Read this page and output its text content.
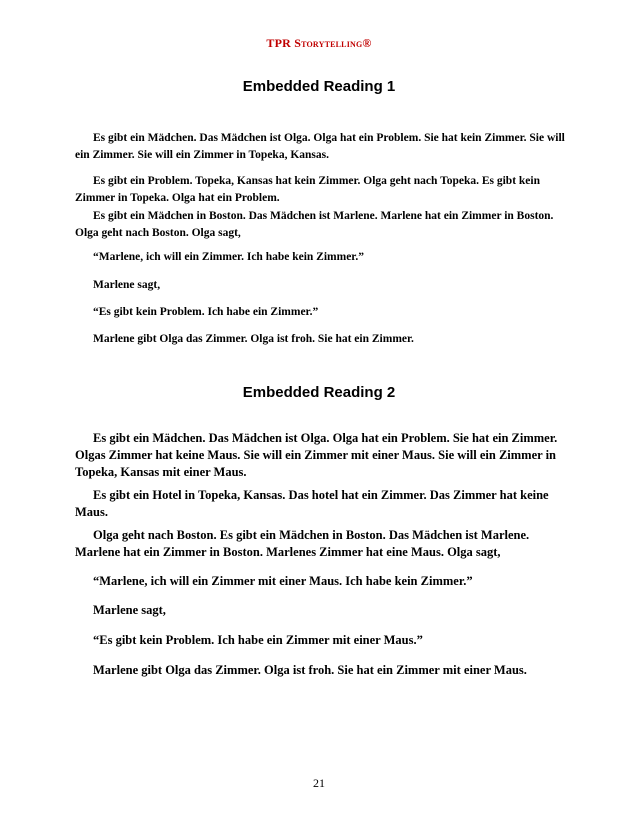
TPR Storytelling®
Embedded Reading 1
Es gibt ein Mädchen. Das Mädchen ist Olga. Olga hat ein Problem. Sie hat kein Zimmer. Sie will ein Zimmer. Sie will ein Zimmer in Topeka, Kansas.
Es gibt ein Problem. Topeka, Kansas hat kein Zimmer. Olga geht nach Topeka. Es gibt kein Zimmer in Topeka. Olga hat ein Problem.
Es gibt ein Mädchen in Boston. Das Mädchen ist Marlene. Marlene hat ein Zimmer in Boston. Olga geht nach Boston. Olga sagt,
“Marlene, ich will ein Zimmer. Ich habe kein Zimmer.”
Marlene sagt,
“Es gibt kein Problem. Ich habe ein Zimmer.”
Marlene gibt Olga das Zimmer. Olga ist froh. Sie hat ein Zimmer.
Embedded Reading 2
Es gibt ein Mädchen. Das Mädchen ist Olga. Olga hat ein Problem. Sie hat ein Zimmer. Olgas Zimmer hat keine Maus. Sie will ein Zimmer mit einer Maus. Sie will ein Zimmer in Topeka, Kansas mit einer Maus.
Es gibt ein Hotel in Topeka, Kansas. Das hotel hat ein Zimmer. Das Zimmer hat keine Maus.
Olga geht nach Boston. Es gibt ein Mädchen in Boston. Das Mädchen ist Marlene. Marlene hat ein Zimmer in Boston. Marlenes Zimmer hat eine Maus. Olga sagt,
“Marlene, ich will ein Zimmer mit einer Maus. Ich habe kein Zimmer.”
Marlene sagt,
“Es gibt kein Problem. Ich habe ein Zimmer mit einer Maus.”
Marlene gibt Olga das Zimmer. Olga ist froh. Sie hat ein Zimmer mit einer Maus.
21
